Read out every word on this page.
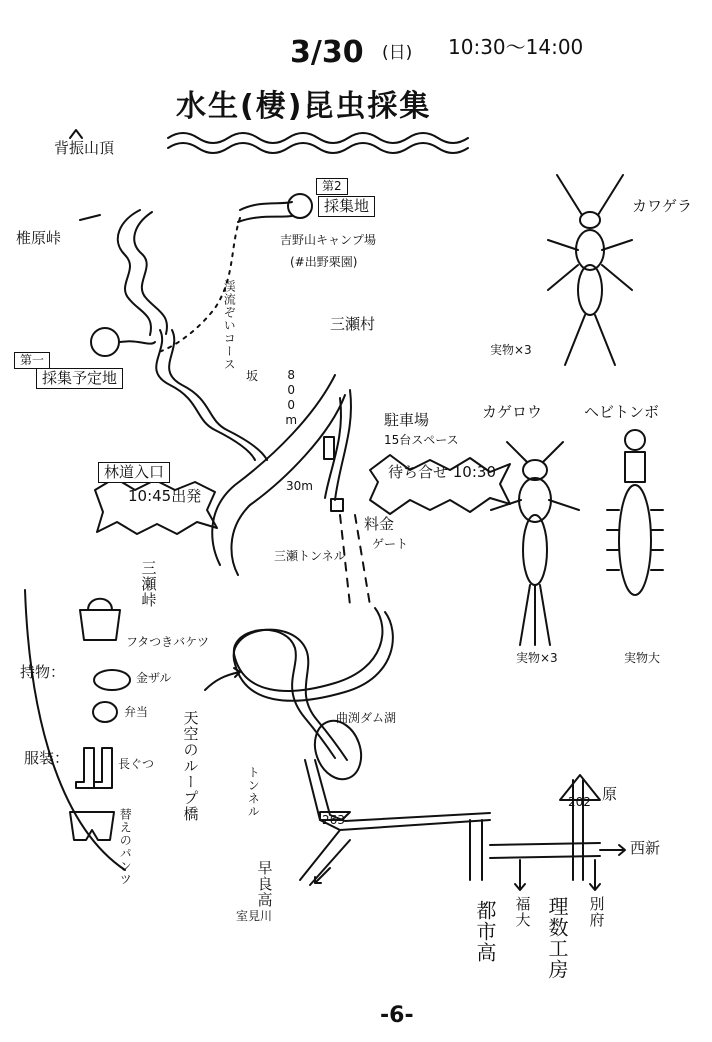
3/30 (日) 10:30～14:00
水生(棲)昆虫採集
背振山頂
椎原峠
第2
採集地
吉野山キャンプ場
(#出野栗園)
第一
採集予定地
渓流ぞいコース
坂 800m
三瀬村
駐車場
15台スペース
待ち合せ 10:30
林道入口
10:45出発
30m
料金
ゲート
三瀬トンネル
三瀬峠
天空のループ橋	曲渕ダム湖
トンネル
263
202 原
西新
早良高
室見川	都市高 福大 理数工房 別府
カワゲラ
実物×3
カゲロウ
実物×3
ヘビトンボ
実物大
持物：
フタつきバケツ
金ザル
弁当
服装：	長ぐつ
替えのパンツ
-6-
